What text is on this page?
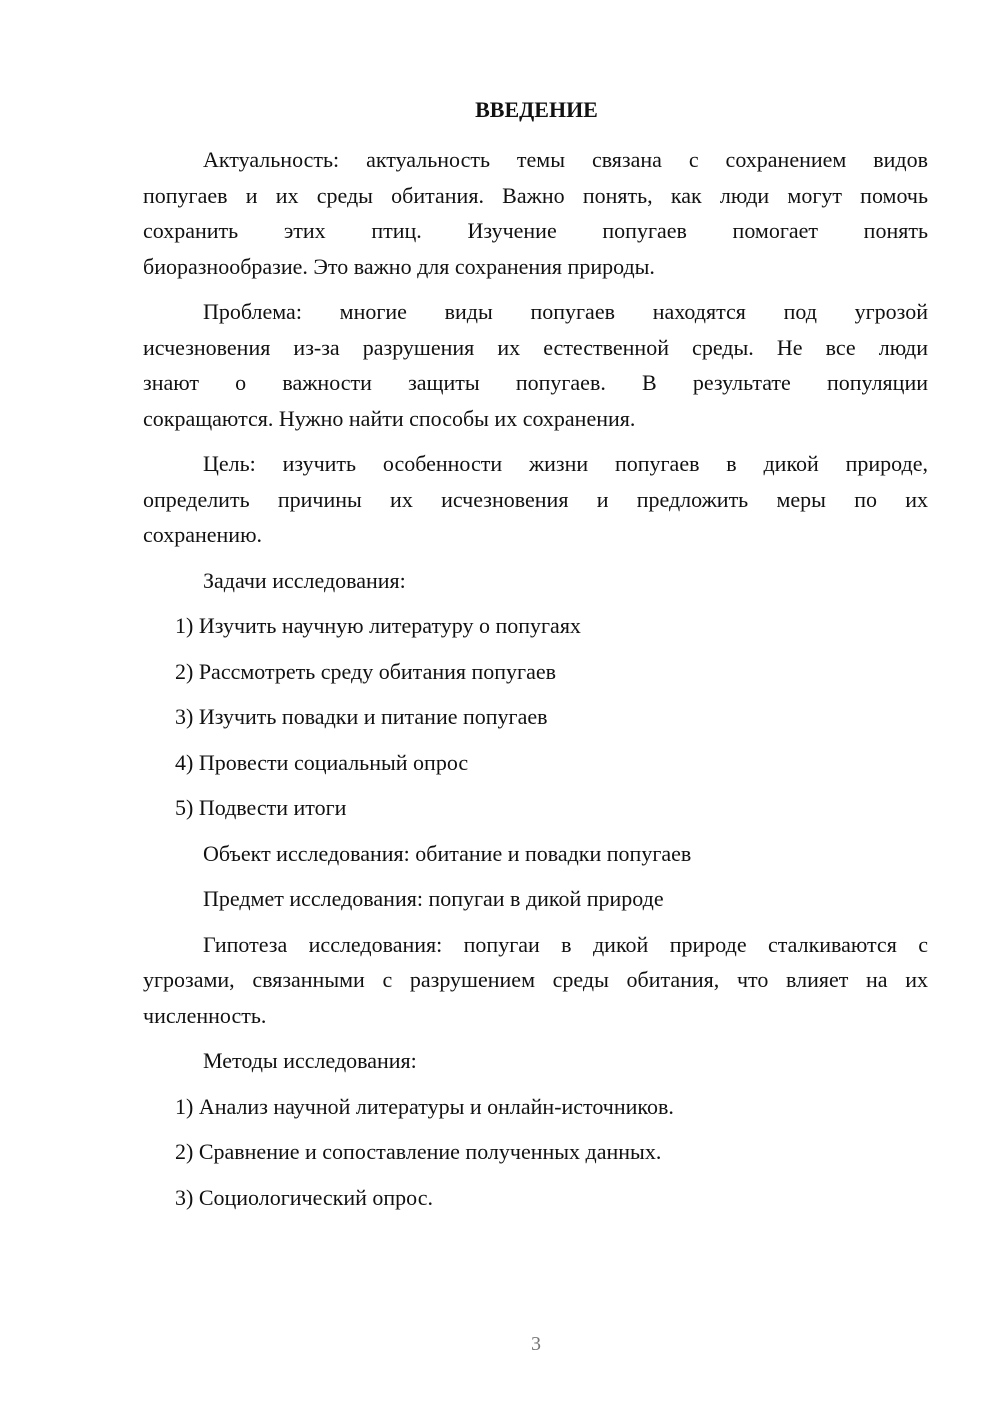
ВВЕДЕНИЕ
Актуальность: актуальность темы связана с сохранением видов
попугаев и их среды обитания. Важно понять, как люди могут помочь
сохранить этих птиц. Изучение попугаев помогает понять
биоразнообразие. Это важно для сохранения природы.
Проблема: многие виды попугаев находятся под угрозой
исчезновения из-за разрушения их естественной среды. Не все люди
знают о важности защиты попугаев. В результате популяции
сокращаются. Нужно найти способы их сохранения.
Цель: изучить особенности жизни попугаев в дикой природе,
определить причины их исчезновения и предложить меры по их
сохранению.
Задачи исследования:
1) Изучить научную литературу о попугаях
2) Рассмотреть среду обитания попугаев
3) Изучить повадки и питание попугаев
4) Провести социальный опрос
5) Подвести итоги
Объект исследования: обитание и повадки попугаев
Предмет исследования: попугаи в дикой природе
Гипотеза исследования: попугаи в дикой природе сталкиваются с
угрозами, связанными с разрушением среды обитания, что влияет на их
численность.
Методы исследования:
1) Анализ научной литературы и онлайн-источников.
2) Сравнение и сопоставление полученных данных.
3) Социологический опрос.
3
